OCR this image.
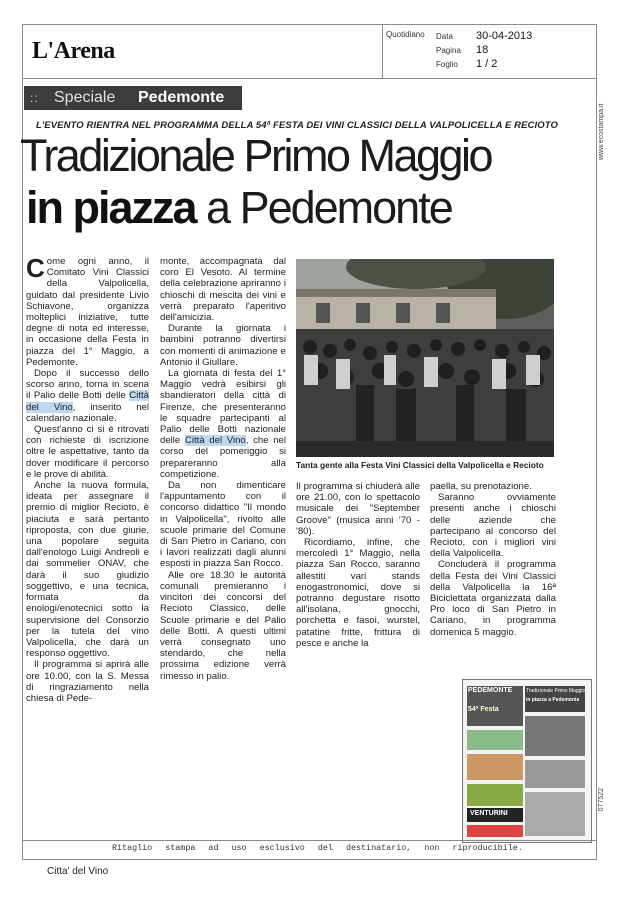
L'Arena
Quotidiano Data 30-04-2013
Pagina 18
Foglio 1 / 2
www.ecostampa.it
077522
:: Speciale Pedemonte
L'EVENTO RIENTRA NEL PROGRAMMA DELLA 54ª FESTA DEI VINI CLASSICI DELLA VALPOLICELLA E RECIOTO
Tradizionale Primo Maggio
in piazza a Pedemonte

Come ogni anno, il Comitato Vini Classici della Valpolicella, guidato dal presidente Livio Schiavone, organizza molteplici iniziative, tutte degne di nota ed interesse, in occasione della Festa in piazza del 1° Maggio, a Pedemonte.

Dopo il successo dello scorso anno, torna in scena il Palio delle Botti delle Città del Vino, inserito nel calendario nazionale.

Quest'anno ci si è ritrovati con richieste di iscrizione oltre le aspettative, tanto da dover modificare il percorso e le prove di abilità.

Anche la nuova formula, ideata per assegnare il premio di miglior Recioto, è piaciuta e sarà pertanto riproposta, con due giurie, una popolare seguita dall'enologo Luigi Andreoli e dai sommelier ONAV, che darà il suo giudizio soggettivo, e una tecnica, formata da enologi/enotecnici sotto la supervisione del Consorzio per la tutela del vino Valpolicella, che darà un responso oggettivo.

Il programma si aprirà alle ore 10.00, con la S. Messa di ringraziamento nella chiesa di Pede-

monte, accompagnata dal coro El Vesoto. Al termine della celebrazione apriranno i chioschi di mescita dei vini e verrà preparato l'aperitivo dell'amicizia.

Durante la giornata i bambini potranno divertirsi con momenti di animazione e Antonio il Giullare.

La giornata di festa del 1° Maggio vedrà esibirsi gli sbandieratori della città di Firenze, che presenteranno le squadre partecipanti al Palio delle Botti nazionale delle Città del Vino, che nel corso del pomeriggio si prepareranno alla competizione.

Da non dimenticare l'appuntamento con il concorso didattico "Il mondo in Valpolicella", rivolto alle scuole primarie del Comune di San Pietro in Cariano, con i lavori realizzati dagli alunni esposti in piazza San Rocco.

Alle ore 18.30 le autorità comunali premieranno i vincitori dei concorsi del Recioto Classico, delle Scuole primarie e del Palio delle Botti. A questi ultimi verrà consegnato uno stendardo, che nella prossima edizione verrà rimesso in palio.

Tanta gente alla Festa Vini Classici della Valpolicella e Recioto

Il programma si chiuderà alle ore 21.00, con lo spettacolo musicale dei "September Groove" (musica anni '70 - '80).

Ricordiamo, infine, che mercoledì 1° Maggio, nella piazza San Rocco, saranno allestiti vari stands enogastronomici, dove si potranno degustare risotto all'isolana, gnocchi, porchetta e fasoi, wurstel, patatine fritte, frittura di pesce e anche la

paella, su prenotazione.

Saranno ovviamente presenti anche i chioschi delle aziende che partecipano al concorso del Recioto, con i migliori vini della Valpolicella.

Concluderà il programma della Festa dei Vini Classici della Valpolicella la 16ª Biciclettata organizzata dalla Pro loco di San Pietro in Cariano, in programma domenica 5 maggio.

PEDEMONTE
54ª Festa
Tradizionale Primo Maggio
in piazza a Pedemonte
VENTURINI
Ritaglio stampa ad uso esclusivo del destinatario, non riproducibile.
Citta' del Vino
